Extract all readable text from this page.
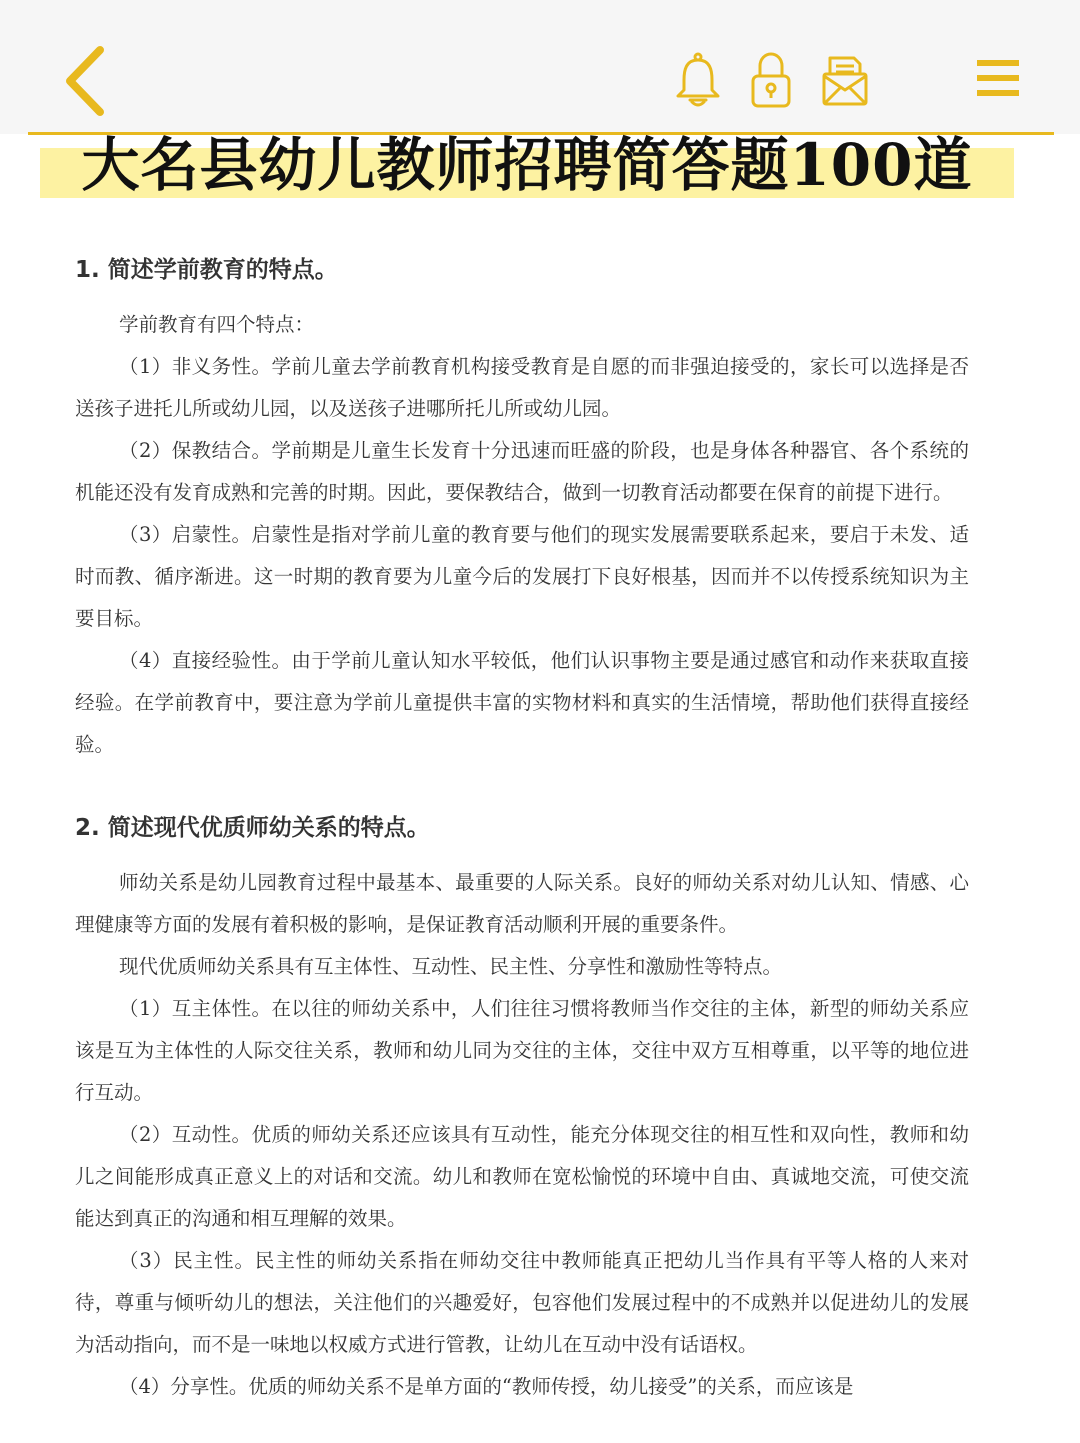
大名县幼儿教师招聘简答题100道
1. 简述学前教育的特点。

学前教育有四个特点：

（1）非义务性。学前儿童去学前教育机构接受教育是自愿的而非强迫接受的，家长可以选择是否送孩子进托儿所或幼儿园，以及送孩子进哪所托儿所或幼儿园。

（2）保教结合。学前期是儿童生长发育十分迅速而旺盛的阶段，也是身体各种器官、各个系统的机能还没有发育成熟和完善的时期。因此，要保教结合，做到一切教育活动都要在保育的前提下进行。

（3）启蒙性。启蒙性是指对学前儿童的教育要与他们的现实发展需要联系起来，要启于未发、适时而教、循序渐进。这一时期的教育要为儿童今后的发展打下良好根基，因而并不以传授系统知识为主要目标。

（4）直接经验性。由于学前儿童认知水平较低，他们认识事物主要是通过感官和动作来获取直接经验。在学前教育中，要注意为学前儿童提供丰富的实物材料和真实的生活情境，帮助他们获得直接经验。

2. 简述现代优质师幼关系的特点。

师幼关系是幼儿园教育过程中最基本、最重要的人际关系。良好的师幼关系对幼儿认知、情感、心理健康等方面的发展有着积极的影响，是保证教育活动顺利开展的重要条件。

现代优质师幼关系具有互主体性、互动性、民主性、分享性和激励性等特点。

（1）互主体性。在以往的师幼关系中，人们往往习惯将教师当作交往的主体，新型的师幼关系应该是互为主体性的人际交往关系，教师和幼儿同为交往的主体，交往中双方互相尊重，以平等的地位进行互动。

（2）互动性。优质的师幼关系还应该具有互动性，能充分体现交往的相互性和双向性，教师和幼儿之间能形成真正意义上的对话和交流。幼儿和教师在宽松愉悦的环境中自由、真诚地交流，可使交流能达到真正的沟通和相互理解的效果。

（3）民主性。民主性的师幼关系指在师幼交往中教师能真正把幼儿当作具有平等人格的人来对待，尊重与倾听幼儿的想法，关注他们的兴趣爱好，包容他们发展过程中的不成熟并以促进幼儿的发展为活动指向，而不是一味地以权威方式进行管教，让幼儿在互动中没有话语权。

（4）分享性。优质的师幼关系不是单方面的“教师传授，幼儿接受”的关系，而应该是
